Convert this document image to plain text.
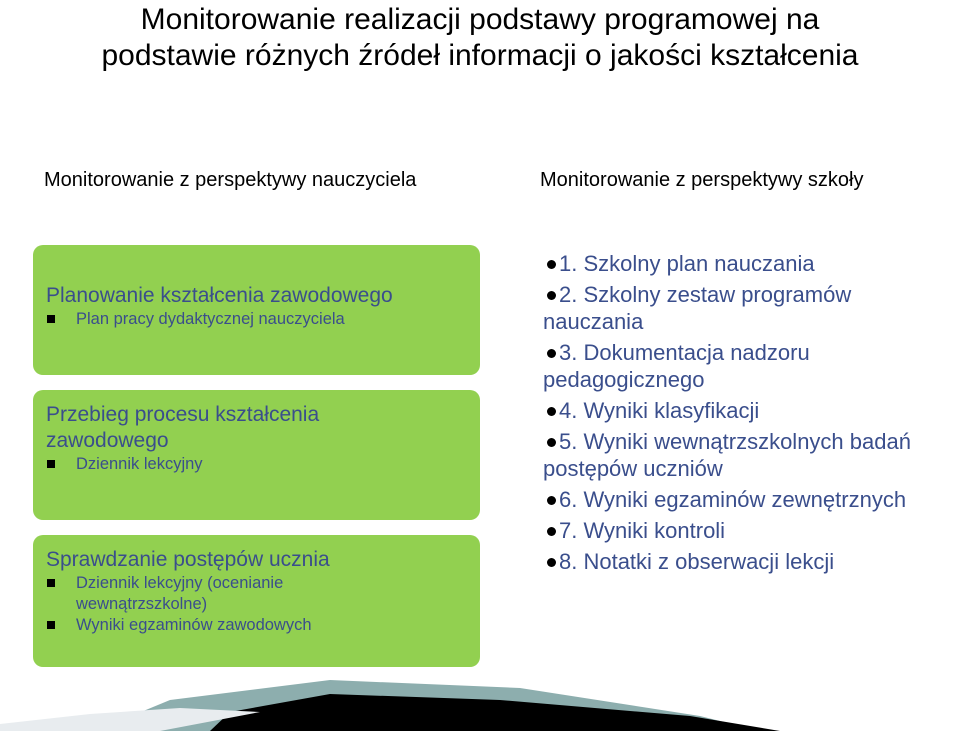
Monitorowanie realizacji podstawy programowej na
podstawie różnych źródeł informacji o jakości kształcenia
Monitorowanie z perspektywy nauczyciela	Monitorowanie z perspektywy szkoły
Planowanie kształcenia zawodowego
Plan pracy dydaktycznej nauczyciela
Przebieg procesu kształcenia
zawodowego
Dziennik lekcyjny
Sprawdzanie postępów ucznia
Dziennik lekcyjny (ocenianie
wewnątrzszkolne)
Wyniki egzaminów zawodowych
1. Szkolny plan nauczania
2. Szkolny zestaw programów
nauczania
3. Dokumentacja nadzoru
pedagogicznego
4. Wyniki klasyfikacji
5. Wyniki wewnątrzszkolnych badań
postępów uczniów
6. Wyniki egzaminów zewnętrznych
7. Wyniki kontroli
8. Notatki z obserwacji lekcji
